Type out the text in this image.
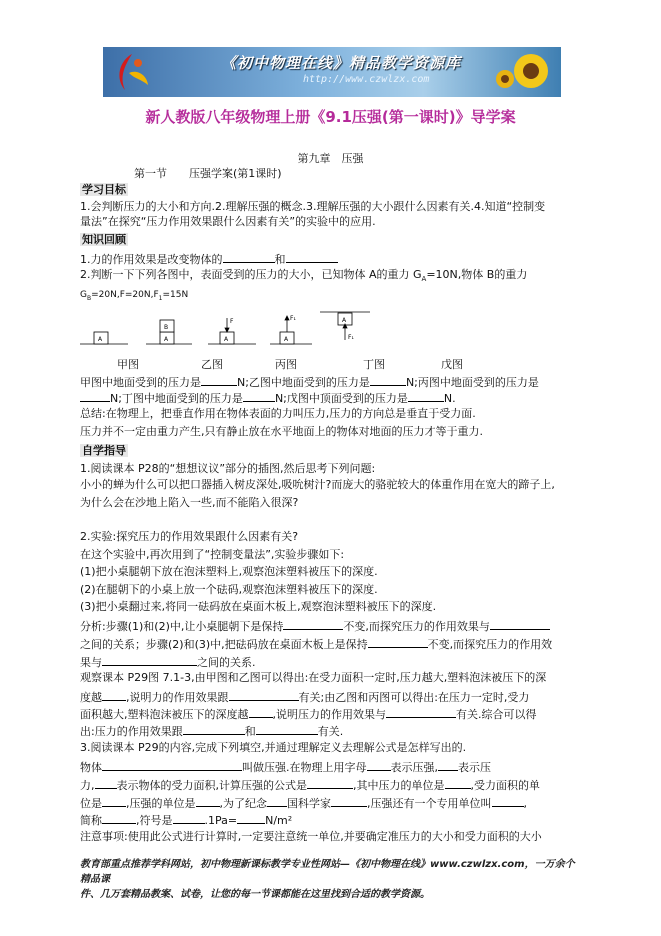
《初中物理在线》精品教学资源库
http://www.czwlzx.com
新人教版八年级物理上册《9.1压强(第一课时)》导学案
第九章　压强
第一节　　压强学案(第1课时)
学习目标
1.会判断压力的大小和方向.2.理解压强的概念.3.理解压强的大小跟什么因素有关.4.知道“控制变
量法”在探究“压力作用效果跟什么因素有关”的实验中的应用.
知识回顾
1.力的作用效果是改变物体的	和
2.判断一下下列各图中，表面受到的压力的大小，已知物体 A的重力 $G_A=10N$,物体 B的重力
$G_B=20N,F=20N,F_1=15N$
A	A
B
A	A
A
F	F₁
F₁
甲图	乙图	丙图	丁图	戊图
甲图中地面受到的压力是	N;乙图中地面受到的压力是	N;丙图中地面受到的压力是
N;丁图中地面受到的压力是	N;戊图中顶面受到的压力是	N.
总结:在物理上，把垂直作用在物体表面的力叫压力,压力的方向总是垂直于受力面.
压力并不一定由重力产生,只有静止放在水平地面上的物体对地面的压力才等于重力.
自学指导
1.阅读课本 P28的“想想议议”部分的插图,然后思考下列问题:
小小的蝉为什么可以把口器插入树皮深处,吸吮树汁?而庞大的骆驼较大的体重作用在宽大的蹄子上,
为什么会在沙地上陷入一些,而不能陷入很深?
2.实验:探究压力的作用效果跟什么因素有关?
在这个实验中,再次用到了“控制变量法”,实验步骤如下:
(1)把小桌腿朝下放在泡沫塑料上,观察泡沫塑料被压下的深度.
(2)在腿朝下的小桌上放一个砝码,观察泡沫塑料被压下的深度.
(3)把小桌翻过来,将同一砝码放在桌面木板上,观察泡沫塑料被压下的深度.
分析:步骤(1)和(2)中,让小桌腿朝下是保持	不变,而探究压力的作用效果与
之间的关系；步骤(2)和(3)中,把砝码放在桌面木板上是保持	不变,而探究压力的作用效
果与	之间的关系.
观察课本 P29图 7.1-3,由甲图和乙图可以得出:在受力面积一定时,压力越大,塑料泡沫被压下的深
度越 ,说明力的作用效果跟	有关;由乙图和丙图可以得出:在压力一定时,受力
面积越大,塑料泡沫被压下的深度越 ,说明压力的作用效果与	有关.综合可以得
出:压力的作用效果跟	和	有关.
3.阅读课本 P29的内容,完成下列填空,并通过理解定义去理解公式是怎样写出的.
物体	叫做压强.在物理上用字母 表示压强, 表示压
力, 表示物体的受力面积,计算压强的公式是	,其中压力的单位是 ,受力面积的单
位是 ,压强的单位是 ,为了纪念 国科学家	,压强还有一个专用单位叫	,
简称	,符号是	.1Pa=	N/m²
注意事项:使用此公式进行计算时,一定要注意统一单位,并要确定准压力的大小和受力面积的大小
教育部重点推荐学科网站，初中物理新课标教学专业性网站—《初中物理在线》www.czwlzx.com，一万余个精品课
件、几万套精品教案、试卷，让您的每一节课都能在这里找到合适的教学资源。
